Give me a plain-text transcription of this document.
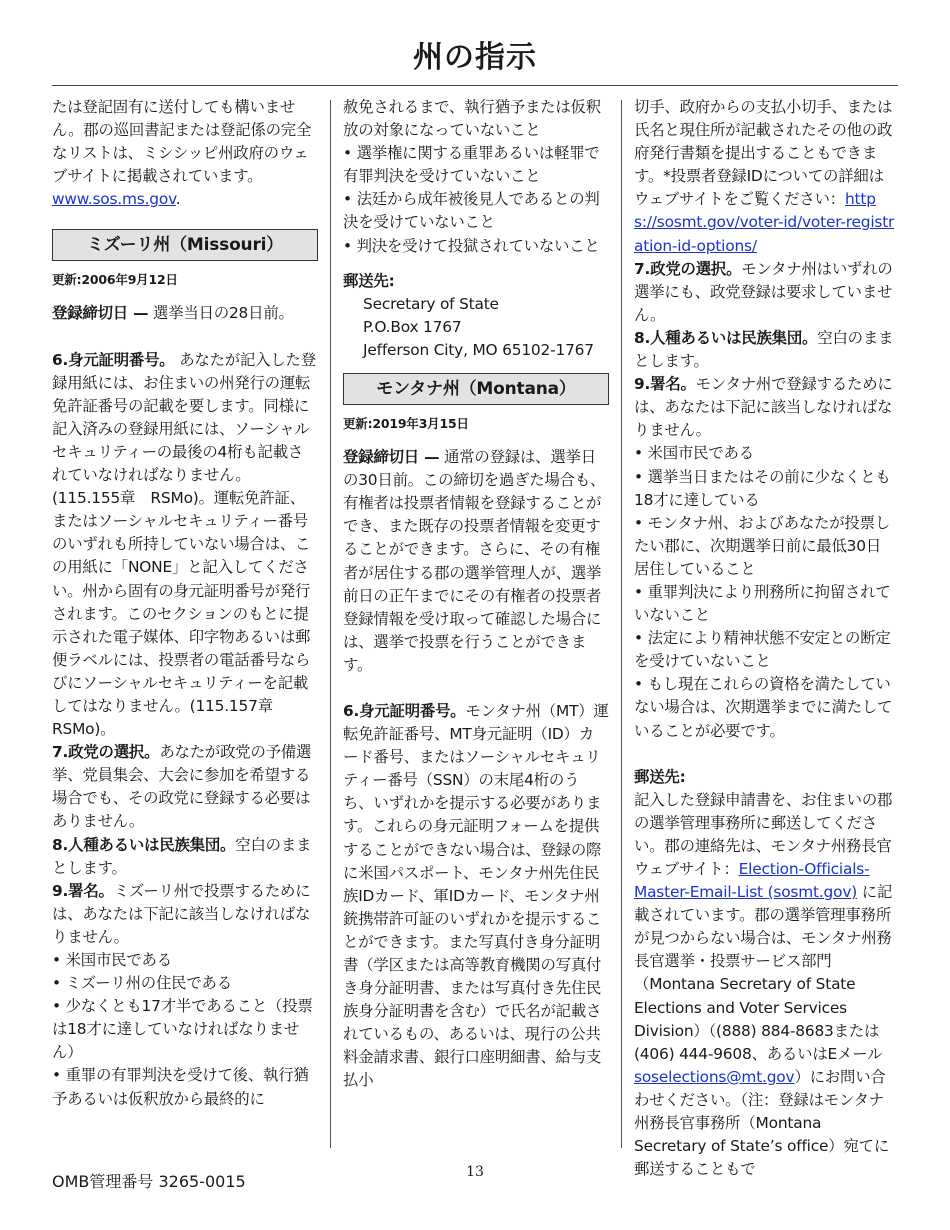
州の指示

たは登記固有に送付しても構いません。郡の巡回書記または登記係の完全なリストは、ミシシッピ州政府のウェブサイトに掲載されています。www.sos.ms.gov.

ミズーリ州（Missouri）

更新:2006年9月12日

登録締切日 — 選挙当日の28日前。

6.身元証明番号。 あなたが記入した登録用紙には、お住まいの州発行の運転免許証番号の記載を要します。同様に記入済みの登録用紙には、ソーシャルセキュリティーの最後の4桁も記載されていなければなりません。(115.155章　RSMo)。運転免許証、またはソーシャルセキュリティー番号のいずれも所持していない場合は、この用紙に「NONE」と記入してください。州から固有の身元証明番号が発行されます。このセクションのもとに提示された電子媒体、印字物あるいは郵便ラベルには、投票者の電話番号ならびにソーシャルセキュリティーを記載してはなりません。(115.157章 RSMo)。

7.政党の選択。あなたが政党の予備選挙、党員集会、大会に参加を希望する場合でも、その政党に登録する必要はありません。

8.人種あるいは民族集団。空白のままとします。

9.署名。ミズーリ州で投票するためには、あなたは下記に該当しなければなりません。

• 米国市民である

• ミズーリ州の住民である

• 少なくとも17才半であること（投票は18才に達していなければなりません）

• 重罪の有罪判決を受けて後、執行猶予あるいは仮釈放から最終的に

赦免されるまで、執行猶予または仮釈放の対象になっていないこと

• 選挙権に関する重罪あるいは軽罪で有罪判決を受けていないこと

• 法廷から成年被後見人であるとの判決を受けていないこと

• 判決を受けて投獄されていないこと

郵送先:

Secretary of State

P.O.Box 1767

Jefferson City, MO 65102-1767

モンタナ州（Montana）

更新:2019年3月15日

登録締切日 — 通常の登録は、選挙日の30日前。この締切を過ぎた場合も、有権者は投票者情報を登録することができ、また既存の投票者情報を変更することができます。さらに、その有権者が居住する郡の選挙管理人が、選挙前日の正午までにその有権者の投票者登録情報を受け取って確認した場合には、選挙で投票を行うことができます。

6.身元証明番号。モンタナ州（MT）運転免許証番号、MT身元証明（ID）カード番号、またはソーシャルセキュリティー番号（SSN）の末尾4桁のうち、いずれかを提示する必要があります。これらの身元証明フォームを提供することができない場合は、登録の際に米国パスポート、モンタナ州先住民族IDカード、軍IDカード、モンタナ州銃携帯許可証のいずれかを提示することができます。また写真付き身分証明書（学区または高等教育機関の写真付き身分証明書、または写真付き先住民族身分証明書を含む）で氏名が記載されているもの、あるいは、現行の公共料金請求書、銀行口座明細書、給与支払小

切手、政府からの支払小切手、または氏名と現住所が記載されたその他の政府発行書類を提出することもできます。*投票者登録IDについての詳細はウェブサイトをご覧ください：https://sosmt.gov/voter-id/voter-registration-id-options/

7.政党の選択。モンタナ州はいずれの選挙にも、政党登録は要求していません。

8.人種あるいは民族集団。空白のままとします。

9.署名。モンタナ州で登録するためには、あなたは下記に該当しなければなりません。

• 米国市民である

• 選挙当日またはその前に少なくとも18才に達している

• モンタナ州、およびあなたが投票したい郡に、次期選挙日前に最低30日居住していること

• 重罪判決により刑務所に拘留されていないこと

• 法定により精神状態不安定との断定を受けていないこと

• もし現在これらの資格を満たしていない場合は、次期選挙までに満たしていることが必要です。

郵送先:

記入した登録申請書を、お住まいの郡の選挙管理事務所に郵送してください。郡の連絡先は、モンタナ州務長官ウェブサイト：Election-Officials-Master-Email-List (sosmt.gov) に記載されています。郡の選挙管理事務所が見つからない場合は、モンタナ州務長官選挙・投票サービス部門（Montana Secretary of State Elections and Voter Services Division）（(888) 884-8683または(406) 444-9608、あるいはEメールsoselections@mt.gov）にお問い合わせください。（注：登録はモンタナ州務長官事務所（Montana Secretary of State’s office）宛てに郵送することもで

OMB管理番号 3265-0015	13
